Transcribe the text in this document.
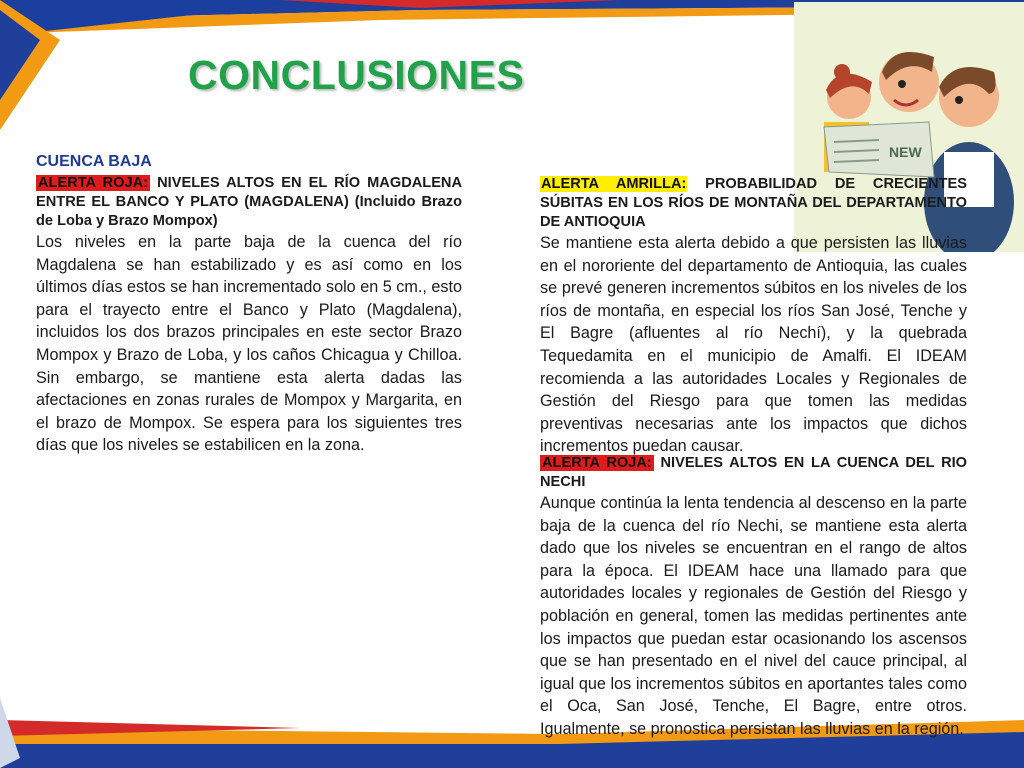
CONCLUSIONES
NEW
CUENCA BAJA
ALERTA ROJA: NIVELES ALTOS EN EL RÍO MAGDALENA ENTRE EL BANCO Y PLATO (MAGDALENA) (Incluido Brazo de Loba y Brazo Mompox)
Los niveles en la parte baja de la cuenca del río Magdalena se han estabilizado y es así como en los últimos días estos se han incrementado solo en 5 cm., esto para el trayecto entre el Banco y Plato (Magdalena), incluidos los dos brazos principales en este sector Brazo Mompox y Brazo de Loba, y los caños Chicagua y Chilloa. Sin embargo, se mantiene esta alerta dadas las afectaciones en zonas rurales de Mompox y Margarita, en el brazo de Mompox. Se espera para los siguientes tres días que los niveles se estabilicen en la zona.
ALERTA AMRILLA: PROBABILIDAD DE CRECIENTES SÚBITAS EN LOS RÍOS DE MONTAÑA DEL DEPARTAMENTO DE ANTIOQUIA
Se mantiene esta alerta debido a que persisten las lluvias en el nororiente del departamento de Antioquia, las cuales se prevé generen incrementos súbitos en los niveles de los ríos de montaña, en especial los ríos San José, Tenche y El Bagre (afluentes al río Nechí), y la quebrada Tequedamita en el municipio de Amalfi. El IDEAM recomienda a las autoridades Locales y Regionales de Gestión del Riesgo para que tomen las medidas preventivas necesarias ante los impactos que dichos incrementos puedan causar.
ALERTA ROJA: NIVELES ALTOS EN LA CUENCA DEL RIO NECHI
Aunque continúa la lenta tendencia al descenso en la parte baja de la cuenca del río Nechi, se mantiene esta alerta dado que los niveles se encuentran en el rango de altos para la época. El IDEAM hace una llamado para que autoridades locales y regionales de Gestión del Riesgo y población en general, tomen las medidas pertinentes ante los impactos que puedan estar ocasionando los ascensos que se han presentado en el nivel del cauce principal, al igual que los incrementos súbitos en aportantes tales como el Oca, San José, Tenche, El Bagre, entre otros. Igualmente, se pronostica persistan las lluvias en la región.
